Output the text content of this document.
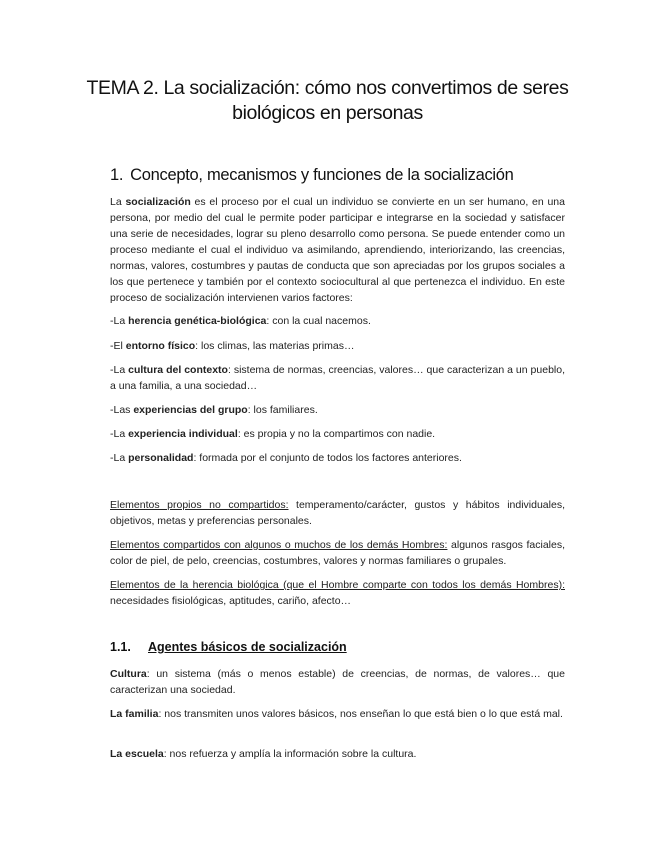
TEMA 2. La socialización: cómo nos convertimos de seres
biológicos en personas
1. Concepto, mecanismos y funciones de la socialización

La socialización es el proceso por el cual un individuo se convierte en un ser humano, en una persona, por medio del cual le permite poder participar e integrarse en la sociedad y satisfacer una serie de necesidades, lograr su pleno desarrollo como persona. Se puede entender como un proceso mediante el cual el individuo va asimilando, aprendiendo, interiorizando, las creencias, normas, valores, costumbres y pautas de conducta que son apreciadas por los grupos sociales a los que pertenece y también por el contexto sociocultural al que pertenezca el individuo. En este proceso de socialización intervienen varios factores:

-La herencia genética-biológica: con la cual nacemos.

-El entorno físico: los climas, las materias primas…

-La cultura del contexto: sistema de normas, creencias, valores… que caracterizan a un pueblo, a una familia, a una sociedad…

-Las experiencias del grupo: los familiares.

-La experiencia individual: es propia y no la compartimos con nadie.

-La personalidad: formada por el conjunto de todos los factores anteriores.

Elementos propios no compartidos: temperamento/carácter, gustos y hábitos individuales, objetivos, metas y preferencias personales.

Elementos compartidos con algunos o muchos de los demás Hombres: algunos rasgos faciales, color de piel, de pelo, creencias, costumbres, valores y normas familiares o grupales.

Elementos de la herencia biológica (que el Hombre comparte con todos los demás Hombres): necesidades fisiológicas, aptitudes, cariño, afecto…

1.1. Agentes básicos de socialización

Cultura: un sistema (más o menos estable) de creencias, de normas, de valores… que caracterizan una sociedad.

La familia: nos transmiten unos valores básicos, nos enseñan lo que está bien o lo que está mal.

La escuela: nos refuerza y amplía la información sobre la cultura.
